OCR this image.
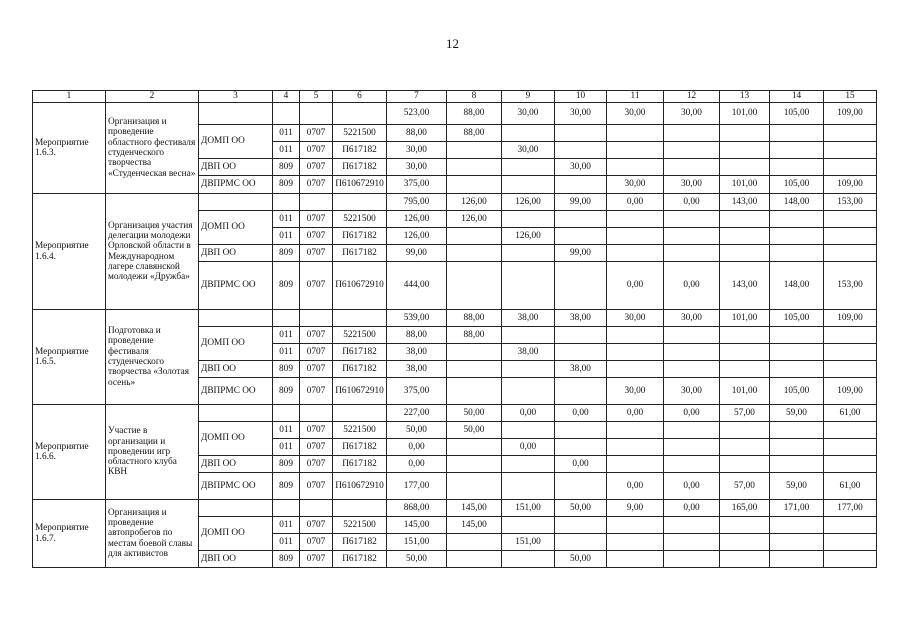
12
1	2	3	4	5	6	7	8	9	10	11	12	13	14	15
Мероприятие 1.6.3.	Организация и проведение областного фестиваля студенческого творчества «Студенческая весна»					523,00	88,00	30,00	30,00	30,00	30,00	101,00	105,00	109,00
		ДОМП ОО	011	0707	5221500	88,00	88,00							
			011	0707	П617182	30,00		30,00						
		ДВП ОО	809	0707	П617182	30,00			30,00					
		ДВПРМС ОО	809	0707	П610672910	375,00				30,00	30,00	101,00	105,00	109,00
Мероприятие 1.6.4.	Организация участия делегации молодежи Орловской области в Международном лагере славянской молодежи «Дружба»					795,00	126,00	126,00	99,00	0,00	0,00	143,00	148,00	153,00
		ДОМП ОО	011	0707	5221500	126,00	126,00							
			011	0707	П617182	126,00		126,00						
		ДВП ОО	809	0707	П617182	99,00			99,00					
		ДВПРМС ОО	809	0707	П610672910	444,00				0,00	0,00	143,00	148,00	153,00
Мероприятие 1.6.5.	Подготовка и проведение фестиваля студенческого творчества «Золотая осень»					539,00	88,00	38,00	38,00	30,00	30,00	101,00	105,00	109,00
		ДОМП ОО	011	0707	5221500	88,00	88,00							
			011	0707	П617182	38,00		38,00						
		ДВП ОО	809	0707	П617182	38,00			38,00					
		ДВПРМС ОО	809	0707	П610672910	375,00				30,00	30,00	101,00	105,00	109,00
Мероприятие 1.6.6.	Участие в организации и проведении игр областного клуба КВН					227,00	50,00	0,00	0,00	0,00	0,00	57,00	59,00	61,00
		ДОМП ОО	011	0707	5221500	50,00	50,00							
			011	0707	П617182	0,00		0,00						
		ДВП ОО	809	0707	П617182	0,00			0,00					
		ДВПРМС ОО	809	0707	П610672910	177,00				0,00	0,00	57,00	59,00	61,00
Мероприятие 1.6.7.	Организация и проведение автопробегов по местам боевой славы для активистов					868,00	145,00	151,00	50,00	9,00	0,00	165,00	171,00	177,00
		ДОМП ОО	011	0707	5221500	145,00	145,00							
			011	0707	П617182	151,00		151,00						
		ДВП ОО	809	0707	П617182	50,00			50,00					
